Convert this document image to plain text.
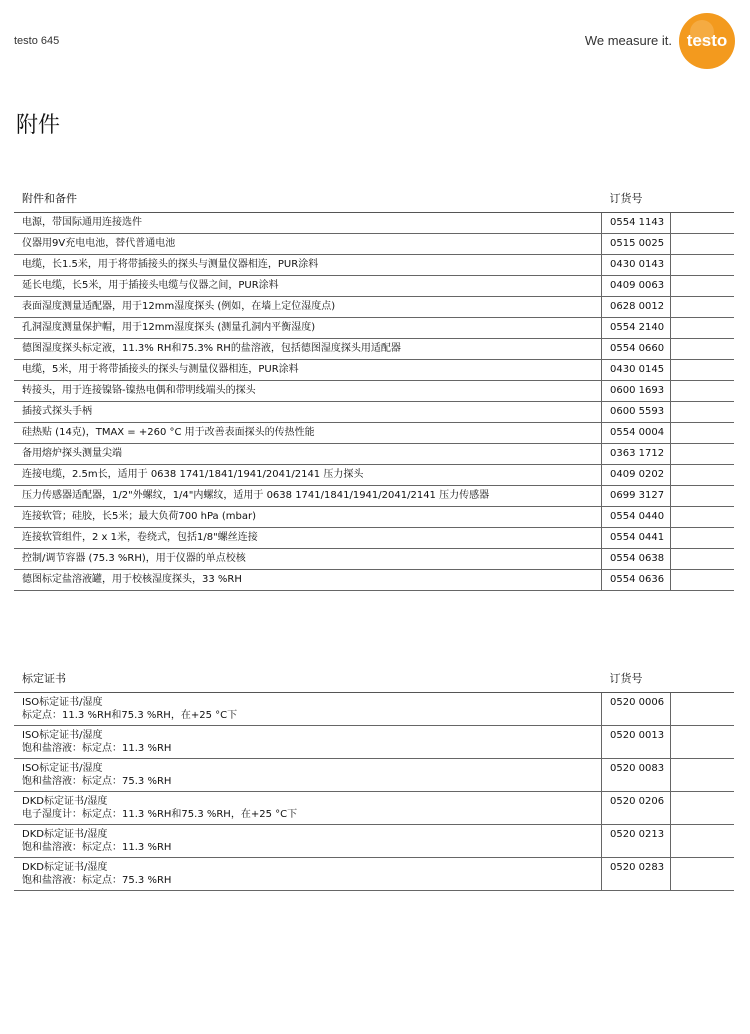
testo 645	We measure it. testo
附件
附件和备件	订货号	
电源，带国际通用连接选件	0554 1143	
仪器用9V充电电池，替代普通电池	0515 0025	
电缆，长1.5米，用于将带插接头的探头与测量仪器相连，PUR涂料	0430 0143	
延长电缆，长5米，用于插接头电缆与仪器之间，PUR涂料	0409 0063	
表面湿度测量适配器，用于12mm湿度探头 (例如，在墙上定位湿度点)	0628 0012	
孔洞湿度测量保护帽，用于12mm湿度探头 (测量孔洞内平衡湿度)	0554 2140	
德图湿度探头标定液，11.3% RH和75.3% RH的盐溶液，包括德图湿度探头用适配器	0554 0660	
电缆，5米，用于将带插接头的探头与测量仪器相连，PUR涂料	0430 0145	
转接头，用于连接镍铬-镍热电偶和带明线端头的探头	0600 1693	
插接式探头手柄	0600 5593	
硅热贴 (14克)，TMAX = +260 °C 用于改善表面探头的传热性能	0554 0004	
备用熔炉探头测量尖端	0363 1712	
连接电缆，2.5m长，适用于 0638 1741/1841/1941/2041/2141 压力探头	0409 0202	
压力传感器适配器，1/2"外螺纹，1/4"内螺纹，适用于 0638 1741/1841/1941/2041/2141 压力传感器	0699 3127	
连接软管；硅胶，长5米；最大负荷700 hPa (mbar)	0554 0440	
连接软管组件，2 x 1米，卷绕式，包括1/8"螺丝连接	0554 0441	
控制/调节容器 (75.3 %RH)，用于仪器的单点校核	0554 0638	
德图标定盐溶液罐，用于校核湿度探头，33 %RH	0554 0636	
标定证书	订货号	

ISO标定证书/湿度
标定点：11.3 %RH和75.3 %RH，在+25 °C下	0520 0006	

ISO标定证书/湿度
饱和盐溶液：标定点：11.3 %RH	0520 0013	

ISO标定证书/湿度
饱和盐溶液：标定点：75.3 %RH	0520 0083	

DKD标定证书/湿度
电子湿度计：标定点：11.3 %RH和75.3 %RH，在+25 °C下	0520 0206	

DKD标定证书/湿度
饱和盐溶液：标定点：11.3 %RH	0520 0213	

DKD标定证书/湿度
饱和盐溶液：标定点：75.3 %RH	0520 0283	
